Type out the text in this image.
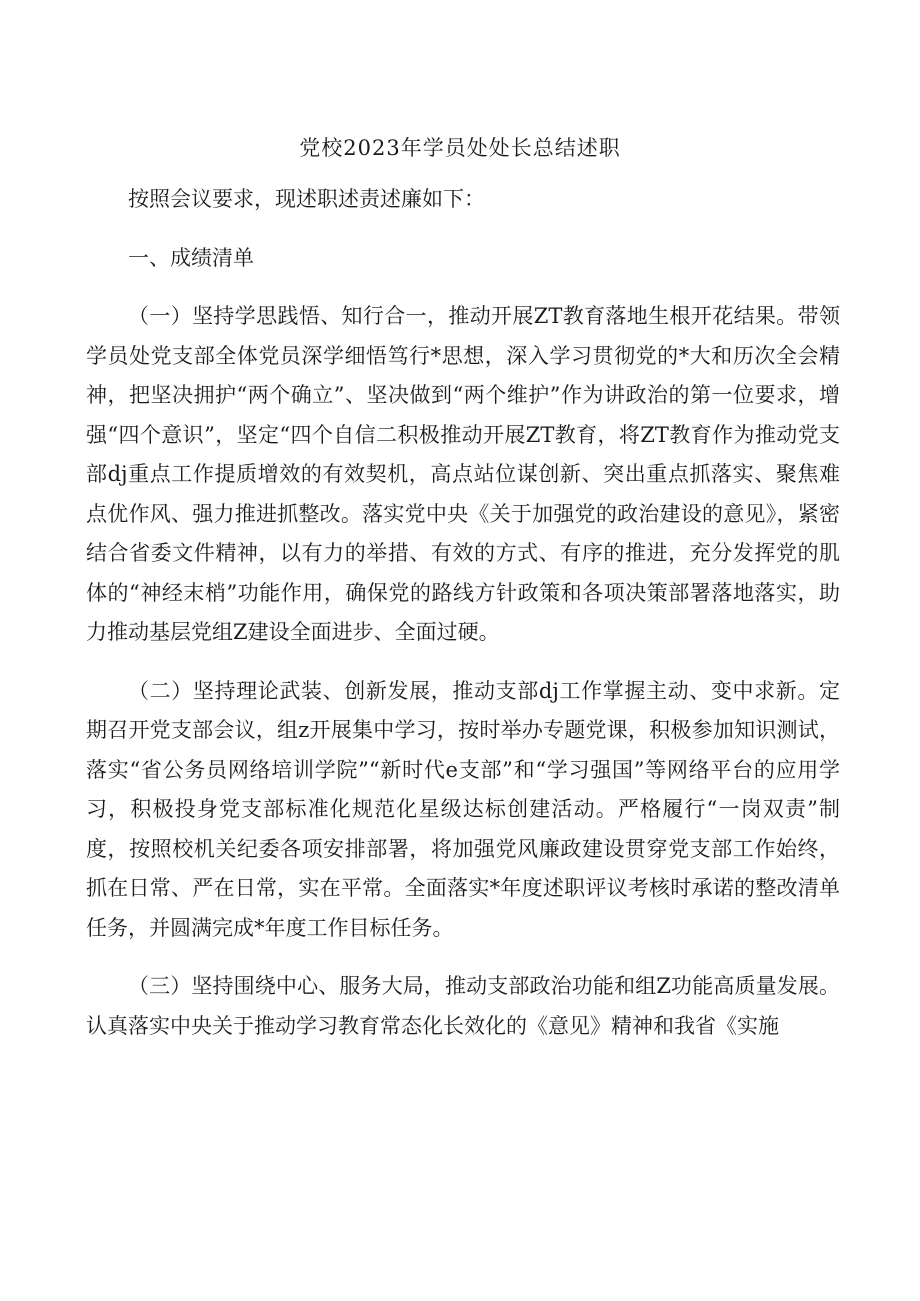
党校2023年学员处处长总结述职

按照会议要求，现述职述责述廉如下：

一、成绩清单

（一）坚持学思践悟、知行合一，推动开展ZT教育落地生根开花结果。带领学员处党支部全体党员深学细悟笃行*思想，深入学习贯彻党的*大和历次全会精神，把坚决拥护“两个确立”、坚决做到“两个维护”作为讲政治的第一位要求，增强“四个意识”，坚定“四个自信二积极推动开展ZT教育，将ZT教育作为推动党支部dj重点工作提质增效的有效契机，高点站位谋创新、突出重点抓落实、聚焦难点优作风、强力推进抓整改。落实党中央《关于加强党的政治建设的意见》，紧密结合省委文件精神，以有力的举措、有效的方式、有序的推进，充分发挥党的肌体的“神经末梢”功能作用，确保党的路线方针政策和各项决策部署落地落实，助力推动基层党组Z建设全面进步、全面过硬。

（二）坚持理论武装、创新发展，推动支部dj工作掌握主动、变中求新。定期召开党支部会议，组z开展集中学习，按时举办专题党课，积极参加知识测试，落实“省公务员网络培训学院”“新时代e支部”和“学习强国”等网络平台的应用学习，积极投身党支部标准化规范化星级达标创建活动。严格履行“一岗双责”制度，按照校机关纪委各项安排部署，将加强党风廉政建设贯穿党支部工作始终，抓在日常、严在日常，实在平常。全面落实*年度述职评议考核时承诺的整改清单任务，并圆满完成*年度工作目标任务。

（三）坚持围绕中心、服务大局，推动支部政治功能和组Z功能高质量发展。认真落实中央关于推动学习教育常态化长效化的《意见》精神和我省《实施
